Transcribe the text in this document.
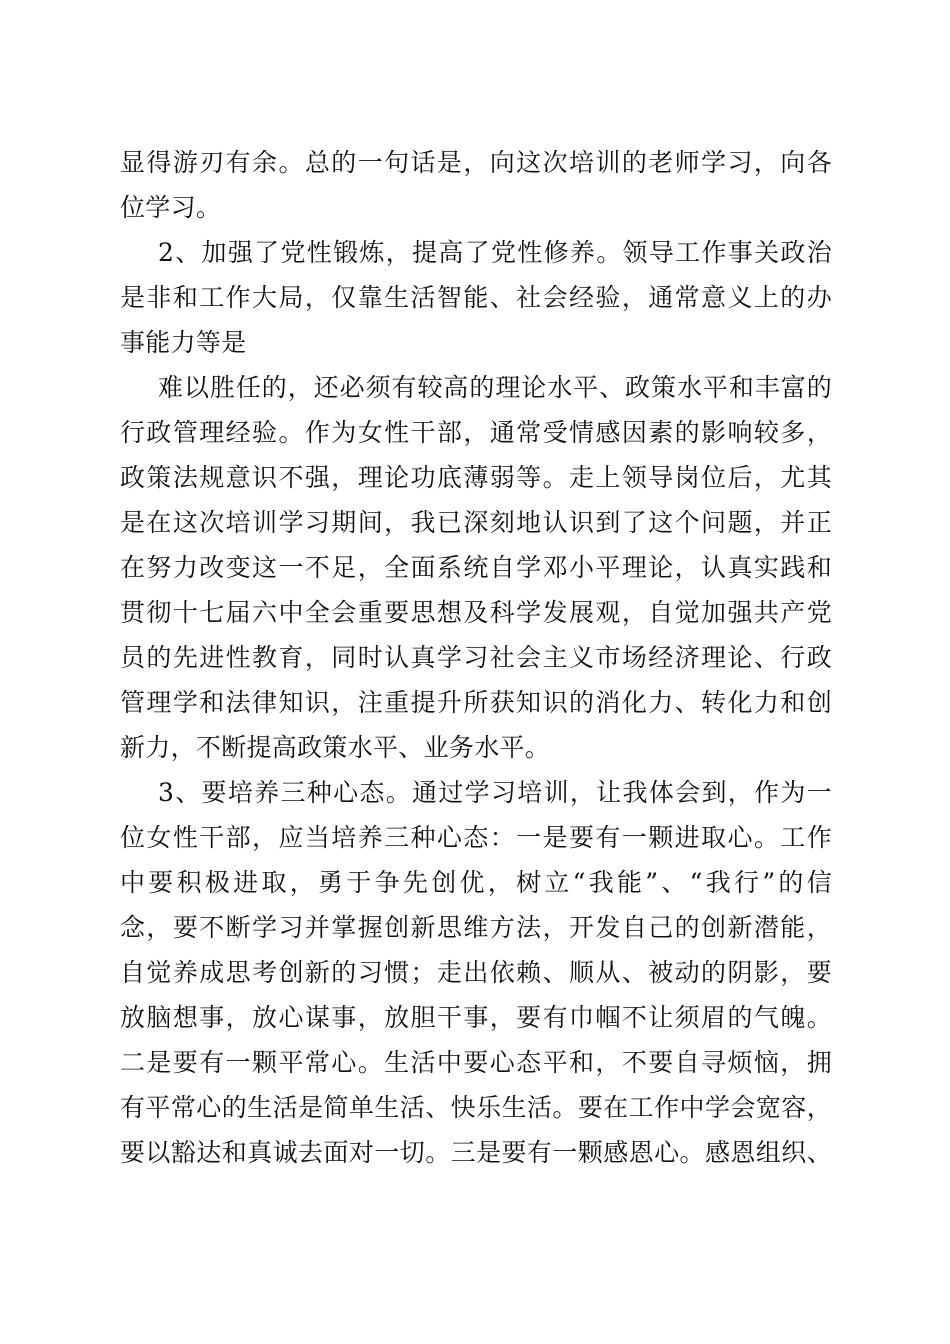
显得游刃有余。总的一句话是，向这次培训的老师学习，向各
位学习。
2、加强了党性锻炼，提高了党性修养。领导工作事关政治
是非和工作大局，仅靠生活智能、社会经验，通常意义上的办
事能力等是
难以胜任的，还必须有较高的理论水平、政策水平和丰富的
行政管理经验。作为女性干部，通常受情感因素的影响较多，
政策法规意识不强，理论功底薄弱等。走上领导岗位后，尤其
是在这次培训学习期间，我已深刻地认识到了这个问题，并正
在努力改变这一不足，全面系统自学邓小平理论，认真实践和
贯彻十七届六中全会重要思想及科学发展观，自觉加强共产党
员的先进性教育，同时认真学习社会主义市场经济理论、行政
管理学和法律知识，注重提升所获知识的消化力、转化力和创
新力，不断提高政策水平、业务水平。
3、要培养三种心态。通过学习培训，让我体会到，作为一
位女性干部，应当培养三种心态：一是要有一颗进取心。工作
中要积极进取，勇于争先创优，树立“我能”、“我行”的信
念，要不断学习并掌握创新思维方法，开发自己的创新潜能，
自觉养成思考创新的习惯；走出依赖、顺从、被动的阴影，要
放脑想事，放心谋事，放胆干事，要有巾帼不让须眉的气魄。
二是要有一颗平常心。生活中要心态平和，不要自寻烦恼，拥
有平常心的生活是简单生活、快乐生活。要在工作中学会宽容，
要以豁达和真诚去面对一切。三是要有一颗感恩心。感恩组织、
